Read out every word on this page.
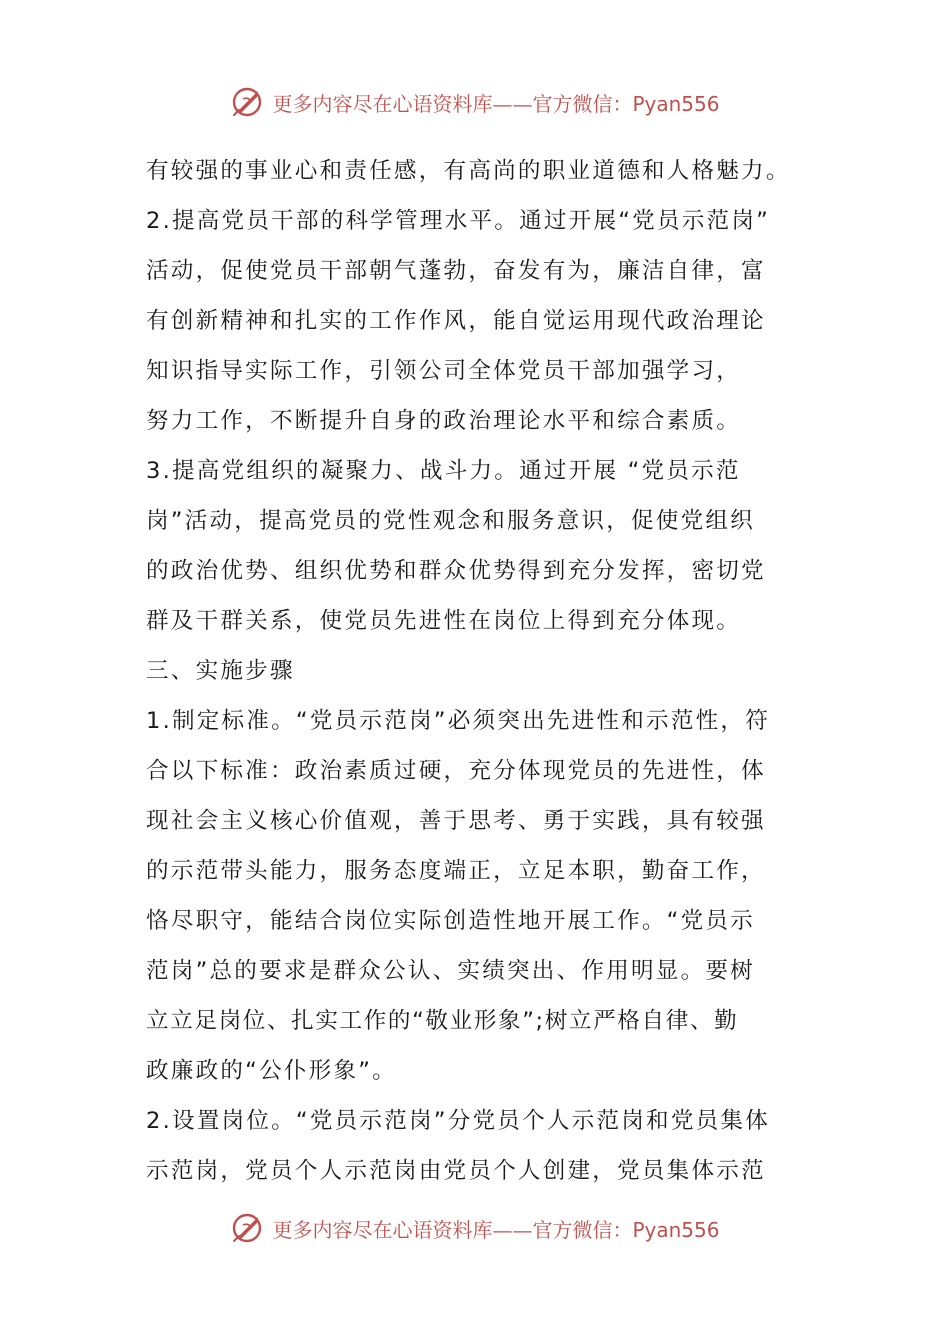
更多内容尽在心语资料库——官方微信：Pyan556
有较强的事业心和责任感，有高尚的职业道德和人格魅力。
2.提高党员干部的科学管理水平。通过开展“党员示范岗”
活动，促使党员干部朝气蓬勃，奋发有为，廉洁自律，富
有创新精神和扎实的工作作风，能自觉运用现代政治理论
知识指导实际工作，引领公司全体党员干部加强学习，
努力工作，不断提升自身的政治理论水平和综合素质。
3.提高党组织的凝聚力、战斗力。通过开展 “党员示范
岗”活动，提高党员的党性观念和服务意识，促使党组织
的政治优势、组织优势和群众优势得到充分发挥，密切党
群及干群关系，使党员先进性在岗位上得到充分体现。
三、实施步骤
1.制定标准。“党员示范岗”必须突出先进性和示范性，符
合以下标准：政治素质过硬，充分体现党员的先进性，体
现社会主义核心价值观，善于思考、勇于实践，具有较强
的示范带头能力，服务态度端正，立足本职，勤奋工作，
恪尽职守，能结合岗位实际创造性地开展工作。“党员示
范岗”总的要求是群众公认、实绩突出、作用明显。要树
立立足岗位、扎实工作的“敬业形象”;树立严格自律、勤
政廉政的“公仆形象”。
2.设置岗位。“党员示范岗”分党员个人示范岗和党员集体
示范岗，党员个人示范岗由党员个人创建，党员集体示范
更多内容尽在心语资料库——官方微信：Pyan556
